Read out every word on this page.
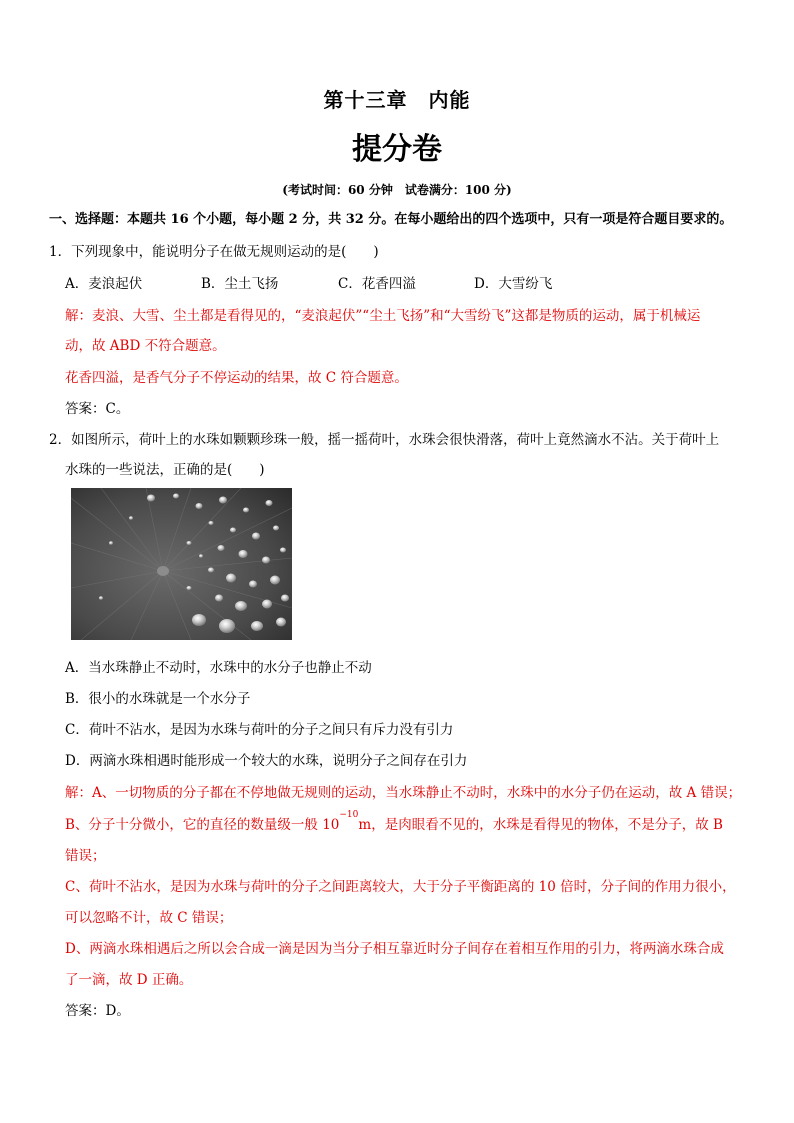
第十三章　内能
提分卷
(考试时间：60 分钟　试卷满分：100 分)
一、选择题：本题共 16 个小题，每小题 2 分，共 32 分。在每小题给出的四个选项中，只有一项是符合题目要求的。
1．下列现象中，能说明分子在做无规则运动的是(　　)
A．麦浪起伏	B．尘土飞扬	C．花香四溢	D．大雪纷飞
解：麦浪、大雪、尘土都是看得见的，“麦浪起伏”“尘土飞扬”和“大雪纷飞”这都是物质的运动，属于机械运
动，故 ABD 不符合题意。
花香四溢，是香气分子不停运动的结果，故 C 符合题意。
答案：C。
2．如图所示，荷叶上的水珠如颗颗珍珠一般，摇一摇荷叶，水珠会很快滑落，荷叶上竟然滴水不沾。关于荷叶上
水珠的一些说法，正确的是(　　)
A．当水珠静止不动时，水珠中的水分子也静止不动
B．很小的水珠就是一个水分子
C．荷叶不沾水，是因为水珠与荷叶的分子之间只有斥力没有引力
D．两滴水珠相遇时能形成一个较大的水珠，说明分子之间存在引力
解：A、一切物质的分子都在不停地做无规则的运动，当水珠静止不动时，水珠中的水分子仍在运动，故 A 错误；
B、分子十分微小，它的直径的数量级一般 $10^{-10}m$，是肉眼看不见的，水珠是看得见的物体，不是分子，故 B
错误；
C、荷叶不沾水，是因为水珠与荷叶的分子之间距离较大，大于分子平衡距离的 10 倍时，分子间的作用力很小，
可以忽略不计，故 C 错误；
D、两滴水珠相遇后之所以会合成一滴是因为当分子相互靠近时分子间存在着相互作用的引力，将两滴水珠合成
了一滴，故 D 正确。
答案：D。
